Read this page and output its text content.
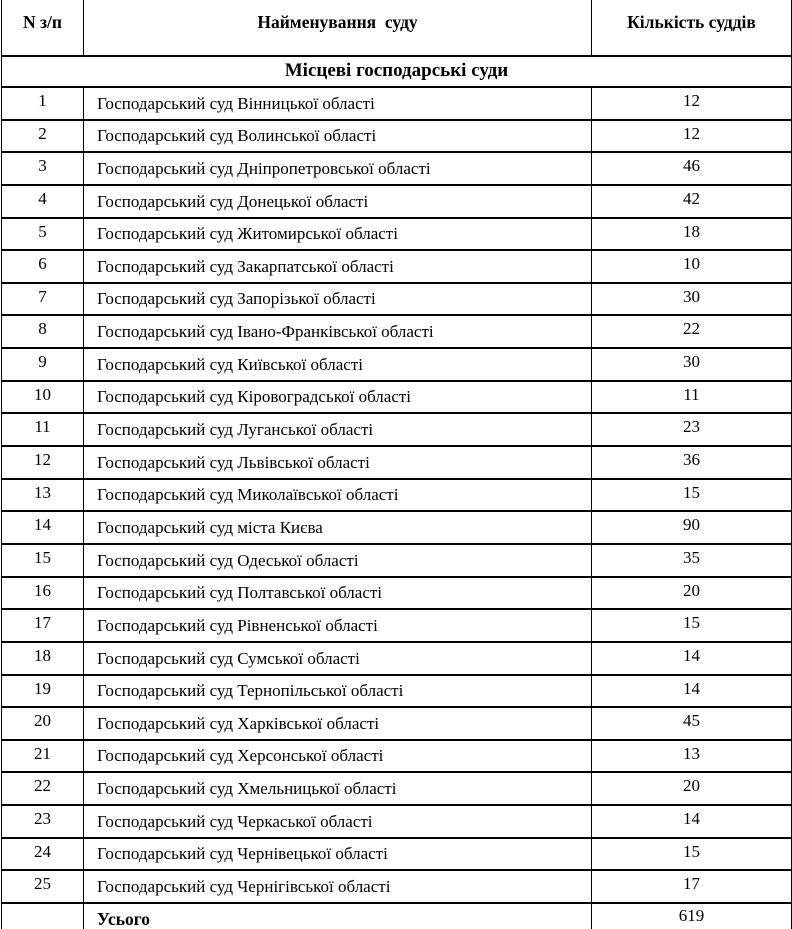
N з/п	Найменування  суду	Кількість суддів
Місцеві господарські суди		
1	Господарський суд Вінницької області	12
2	Господарський суд Волинської області	12
3	Господарський суд Дніпропетровської області	46
4	Господарський суд Донецької області	42
5	Господарський суд Житомирської області	18
6	Господарський суд Закарпатської області	10
7	Господарський суд Запорізької області	30
8	Господарський суд Івано-Франківської області	22
9	Господарський суд Київської області	30
10	Господарський суд Кіровоградської області	11
11	Господарський суд Луганської області	23
12	Господарський суд Львівської області	36
13	Господарський суд Миколаївської області	15
14	Господарський суд міста Києва	90
15	Господарський суд Одеської області	35
16	Господарський суд Полтавської області	20
17	Господарський суд Рівненської області	15
18	Господарський суд Сумської області	14
19	Господарський суд Тернопільської області	14
20	Господарський суд Харківської області	45
21	Господарський суд Херсонської області	13
22	Господарський суд Хмельницької області	20
23	Господарський суд Черкаської області	14
24	Господарський суд Чернівецької області	15
25	Господарський суд Чернігівської області	17
	Усього	619
